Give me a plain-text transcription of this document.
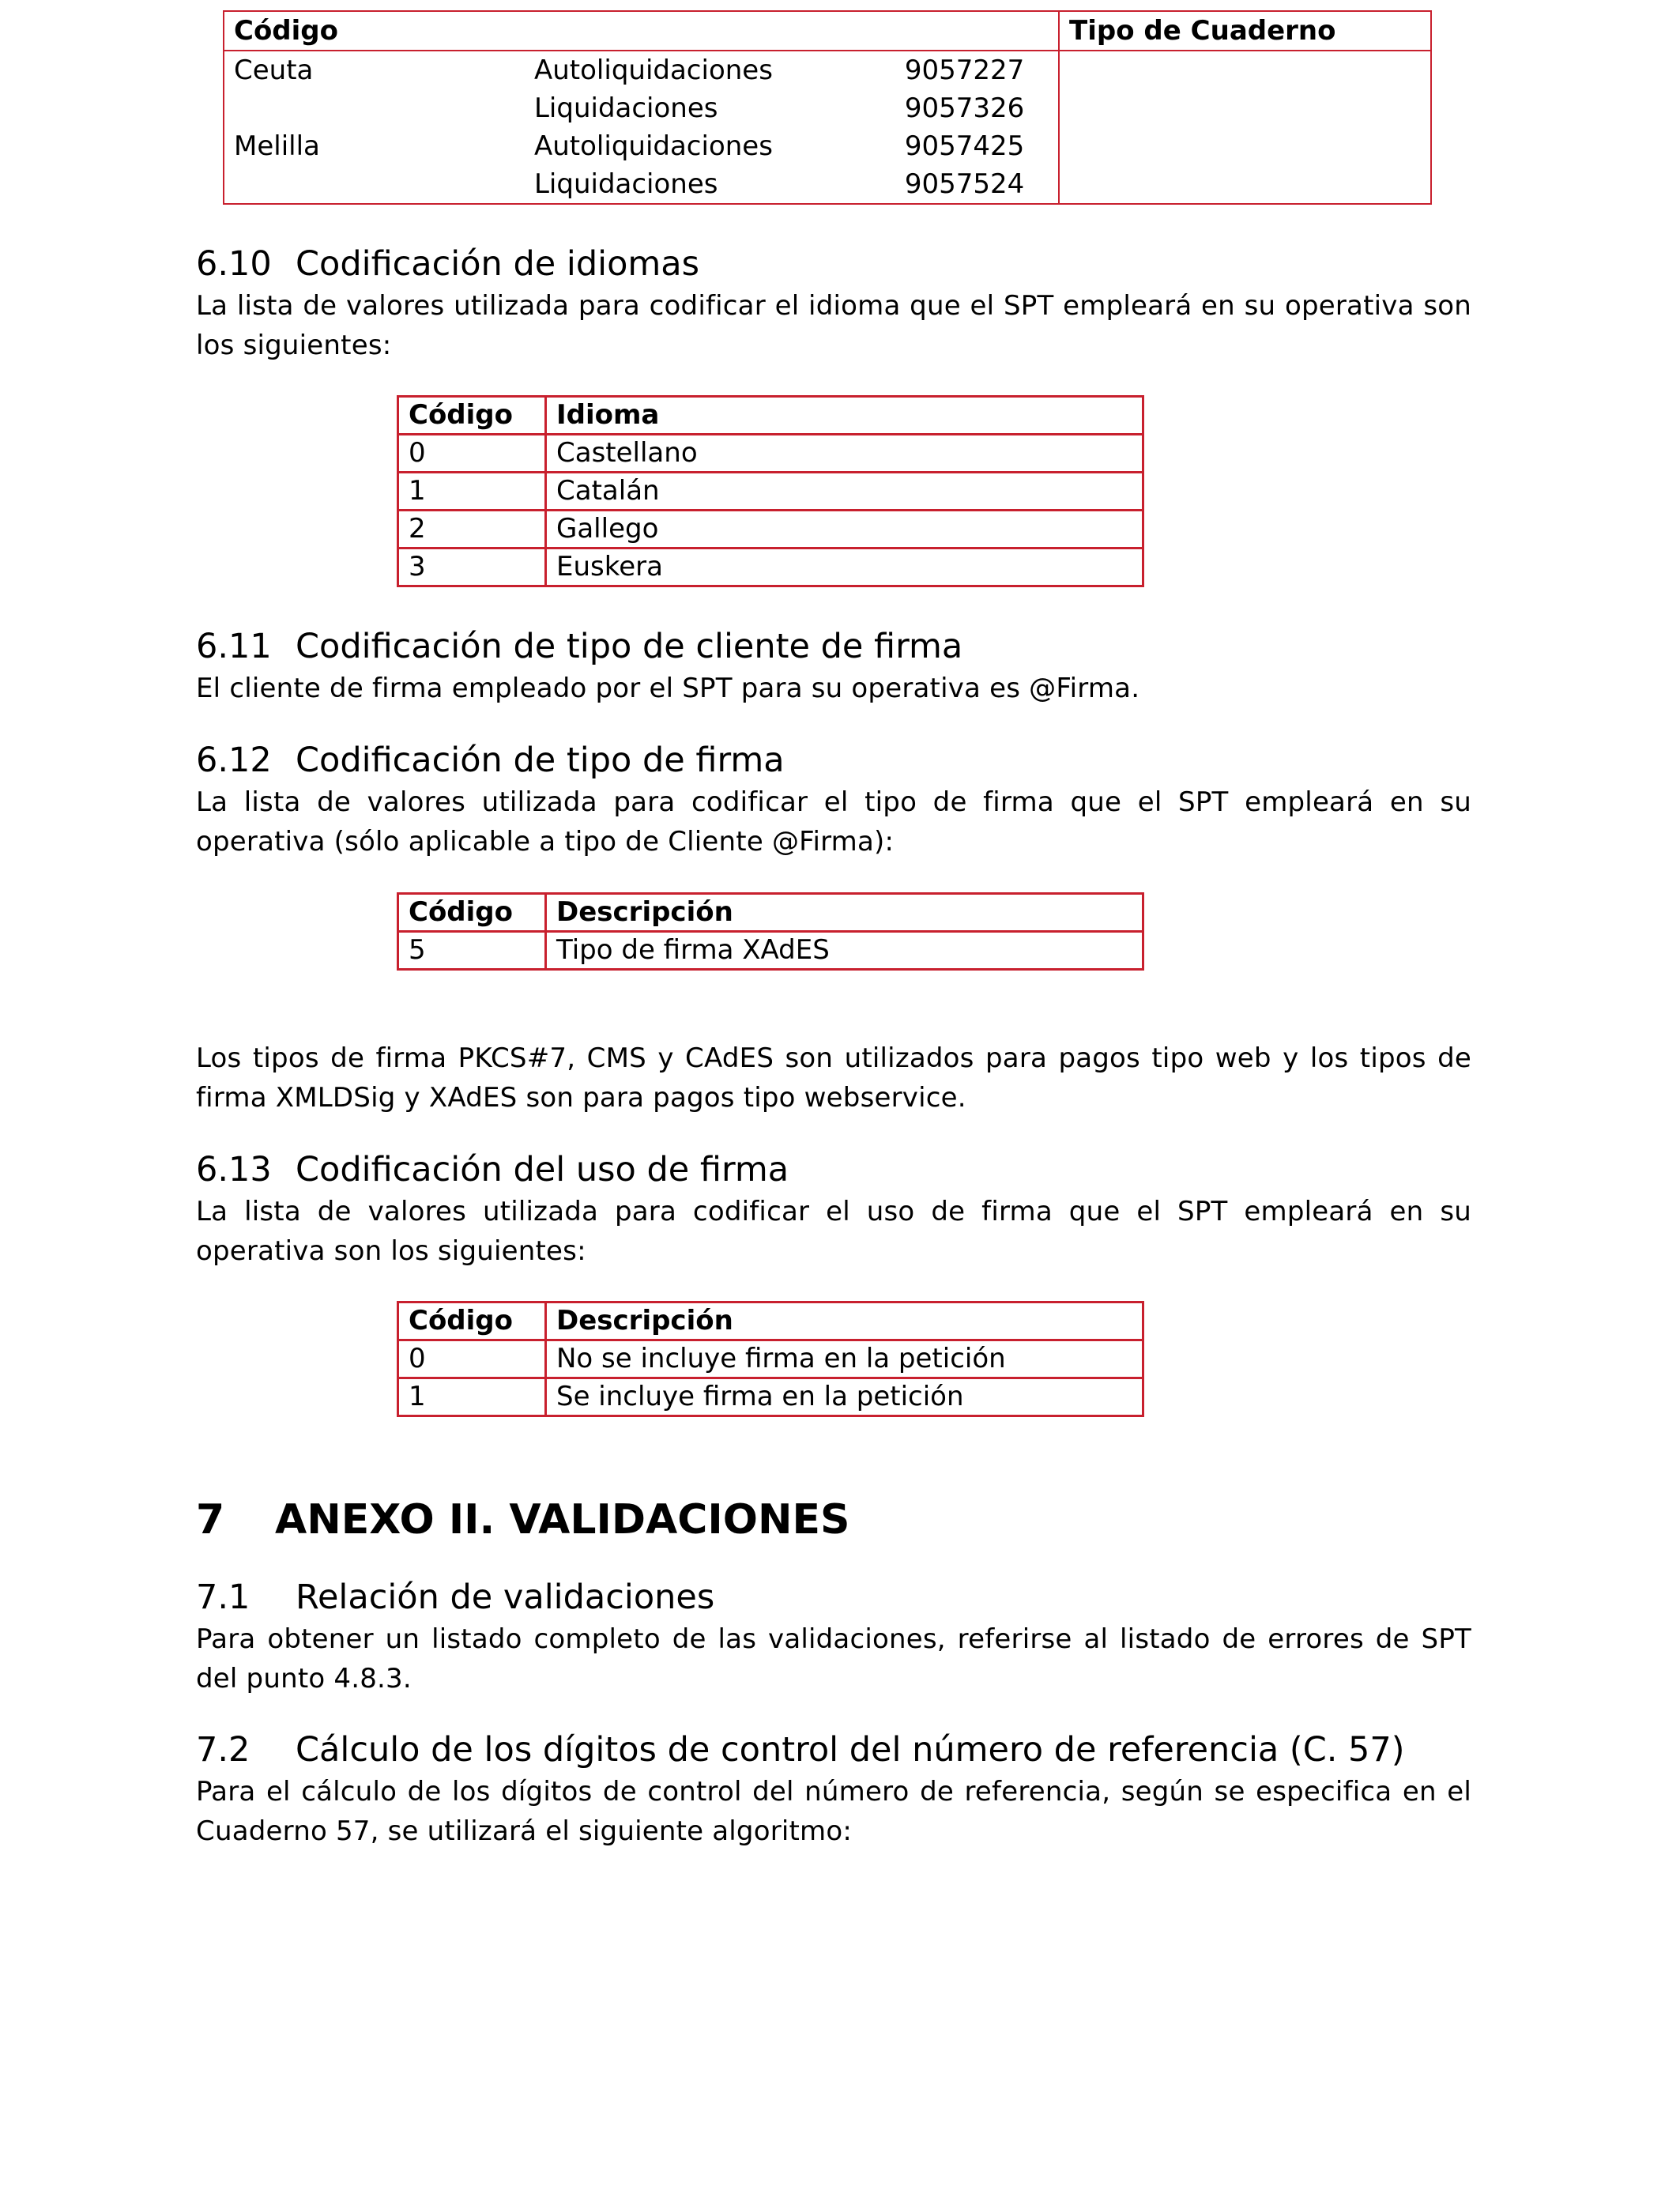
Código			Tipo de Cuaderno
Ceuta	Autoliquidaciones	9057227	
	Liquidaciones	9057326	
Melilla	Autoliquidaciones	9057425	
	Liquidaciones	9057524	
6.10 Codificación de idiomas

La lista de valores utilizada para codificar el idioma que el SPT empleará en su operativa son los siguientes:

Código	Idioma
0	Castellano
1	Catalán
2	Gallego
3	Euskera
6.11 Codificación de tipo de cliente de firma

El cliente de firma empleado por el SPT para su operativa es @Firma.

6.12 Codificación de tipo de firma

La lista de valores utilizada para codificar el tipo de firma que el SPT empleará en su operativa (sólo aplicable a tipo de Cliente @Firma):

Código	Descripción
5	Tipo de firma XAdES

Los tipos de firma PKCS#7, CMS y CAdES son utilizados para pagos tipo web y los tipos de firma XMLDSig y XAdES son para pagos tipo webservice.

6.13 Codificación del uso de firma

La lista de valores utilizada para codificar el uso de firma que el SPT empleará en su operativa son los siguientes:

Código	Descripción
0	No se incluye firma en la petición
1	Se incluye firma en la petición
7 ANEXO II. VALIDACIONES
7.1 Relación de validaciones

Para obtener un listado completo de las validaciones, referirse al listado de errores de SPT del punto 4.8.3.

7.2 Cálculo de los dígitos de control del número de referencia (C. 57)

Para el cálculo de los dígitos de control del número de referencia, según se especifica en el Cuaderno 57, se utilizará el siguiente algoritmo:
